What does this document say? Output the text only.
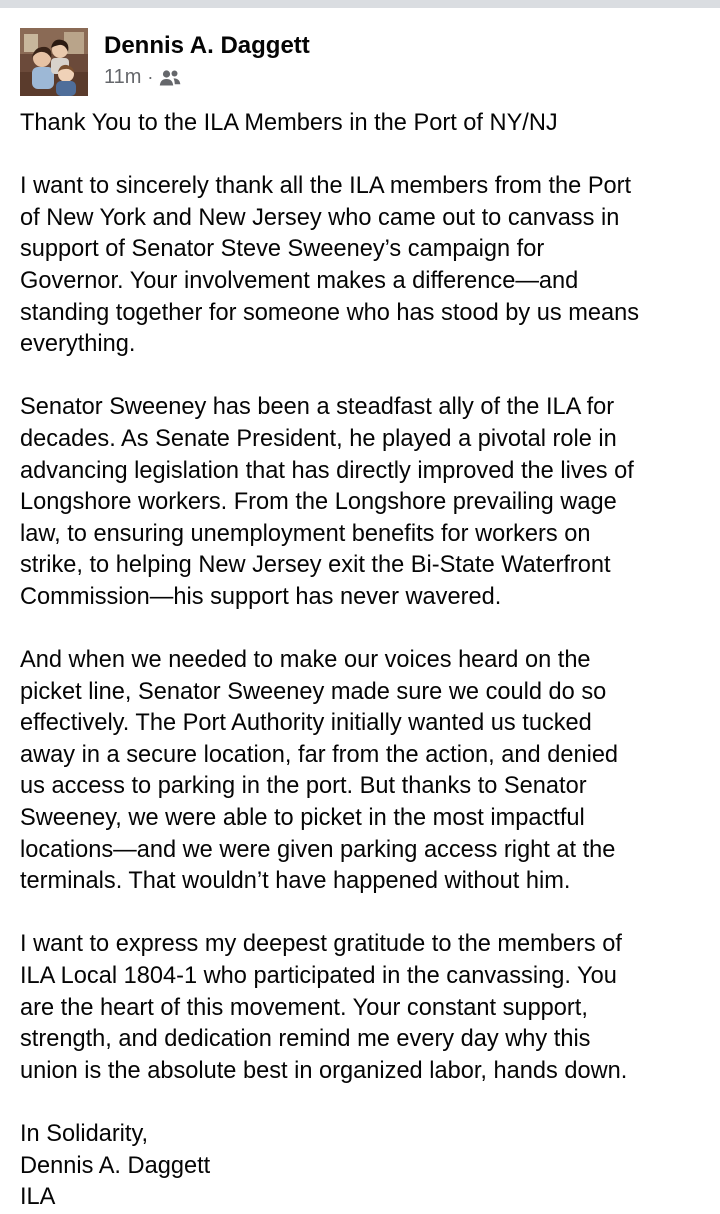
Dennis A. Daggett
11m ·
Thank You to the ILA Members in the Port of NY/NJ
I want to sincerely thank all the ILA members from the Port
of New York and New Jersey who came out to canvass in
support of Senator Steve Sweeney’s campaign for
Governor. Your involvement makes a difference—and
standing together for someone who has stood by us means
everything.
Senator Sweeney has been a steadfast ally of the ILA for
decades. As Senate President, he played a pivotal role in
advancing legislation that has directly improved the lives of
Longshore workers. From the Longshore prevailing wage
law, to ensuring unemployment benefits for workers on
strike, to helping New Jersey exit the Bi-State Waterfront
Commission—his support has never wavered.
And when we needed to make our voices heard on the
picket line, Senator Sweeney made sure we could do so
effectively. The Port Authority initially wanted us tucked
away in a secure location, far from the action, and denied
us access to parking in the port. But thanks to Senator
Sweeney, we were able to picket in the most impactful
locations—and we were given parking access right at the
terminals. That wouldn’t have happened without him.
I want to express my deepest gratitude to the members of
ILA Local 1804-1 who participated in the canvassing. You
are the heart of this movement. Your constant support,
strength, and dedication remind me every day why this
union is the absolute best in organized labor, hands down.
In Solidarity,
Dennis A. Daggett
ILA
